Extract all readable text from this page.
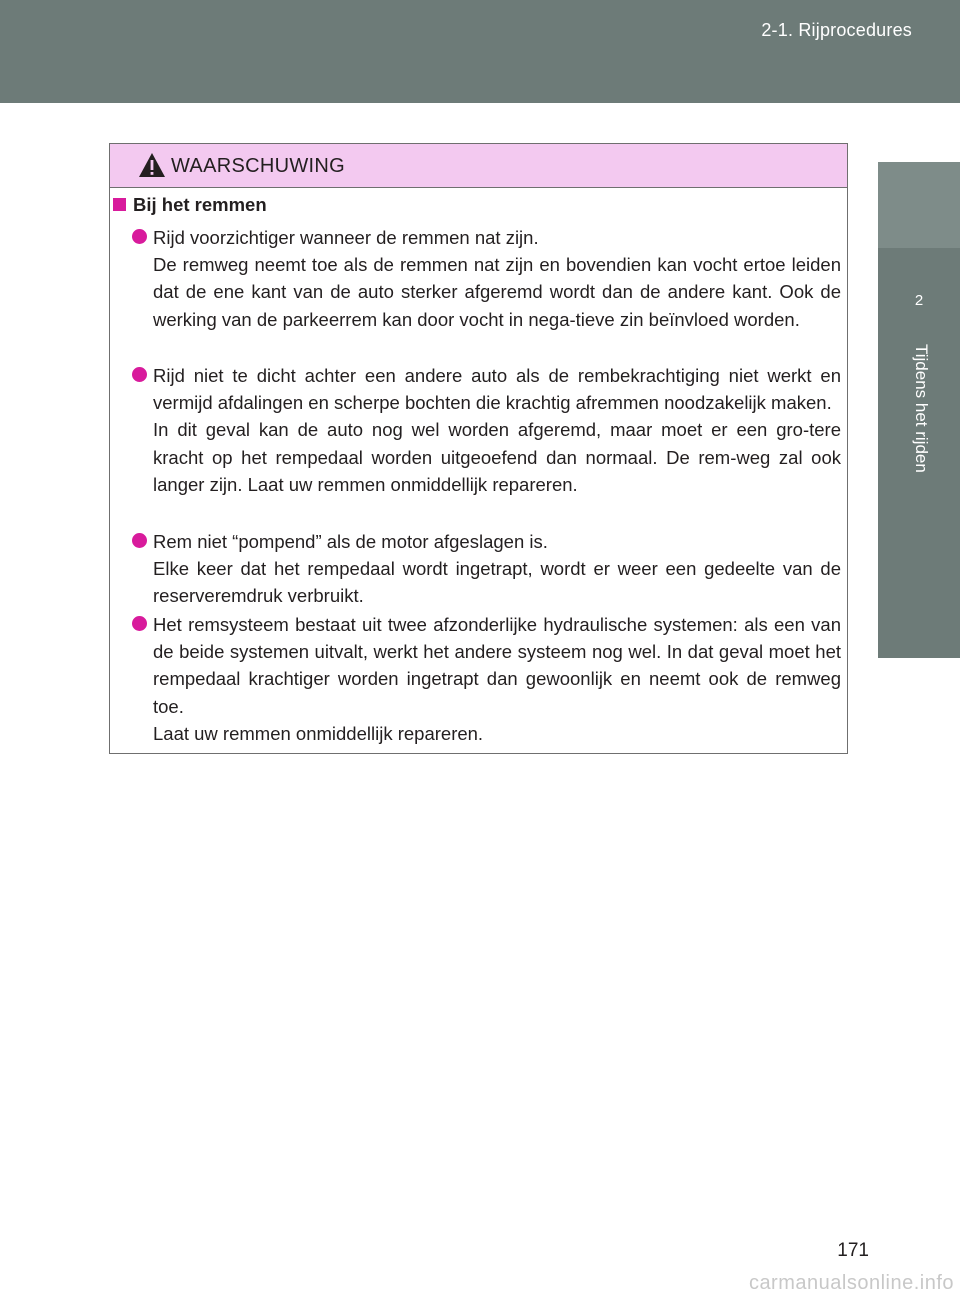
2-1. Rijprocedures
2
Tijdens het rijden
WAARSCHUWING
Bij het remmen

Rijd voorzichtiger wanneer de remmen nat zijn.

De remweg neemt toe als de remmen nat zijn en bovendien kan vocht ertoe leiden dat de ene kant van de auto sterker afgeremd wordt dan de andere kant. Ook de werking van de parkeerrem kan door vocht in nega-tieve zin beïnvloed worden.

Rijd niet te dicht achter een andere auto als de rembekrachtiging niet werkt en vermijd afdalingen en scherpe bochten die krachtig afremmen noodzakelijk maken.

In dit geval kan de auto nog wel worden afgeremd, maar moet er een gro-tere kracht op het rempedaal worden uitgeoefend dan normaal. De rem-weg zal ook langer zijn. Laat uw remmen onmiddellijk repareren.

Rem niet “pompend” als de motor afgeslagen is.

Elke keer dat het rempedaal wordt ingetrapt, wordt er weer een gedeelte van de reserveremdruk verbruikt.

Het remsysteem bestaat uit twee afzonderlijke hydraulische systemen: als een van de beide systemen uitvalt, werkt het andere systeem nog wel. In dat geval moet het rempedaal krachtiger worden ingetrapt dan gewoonlijk en neemt ook de remweg toe.

Laat uw remmen onmiddellijk repareren.

171
carmanualsonline.info
